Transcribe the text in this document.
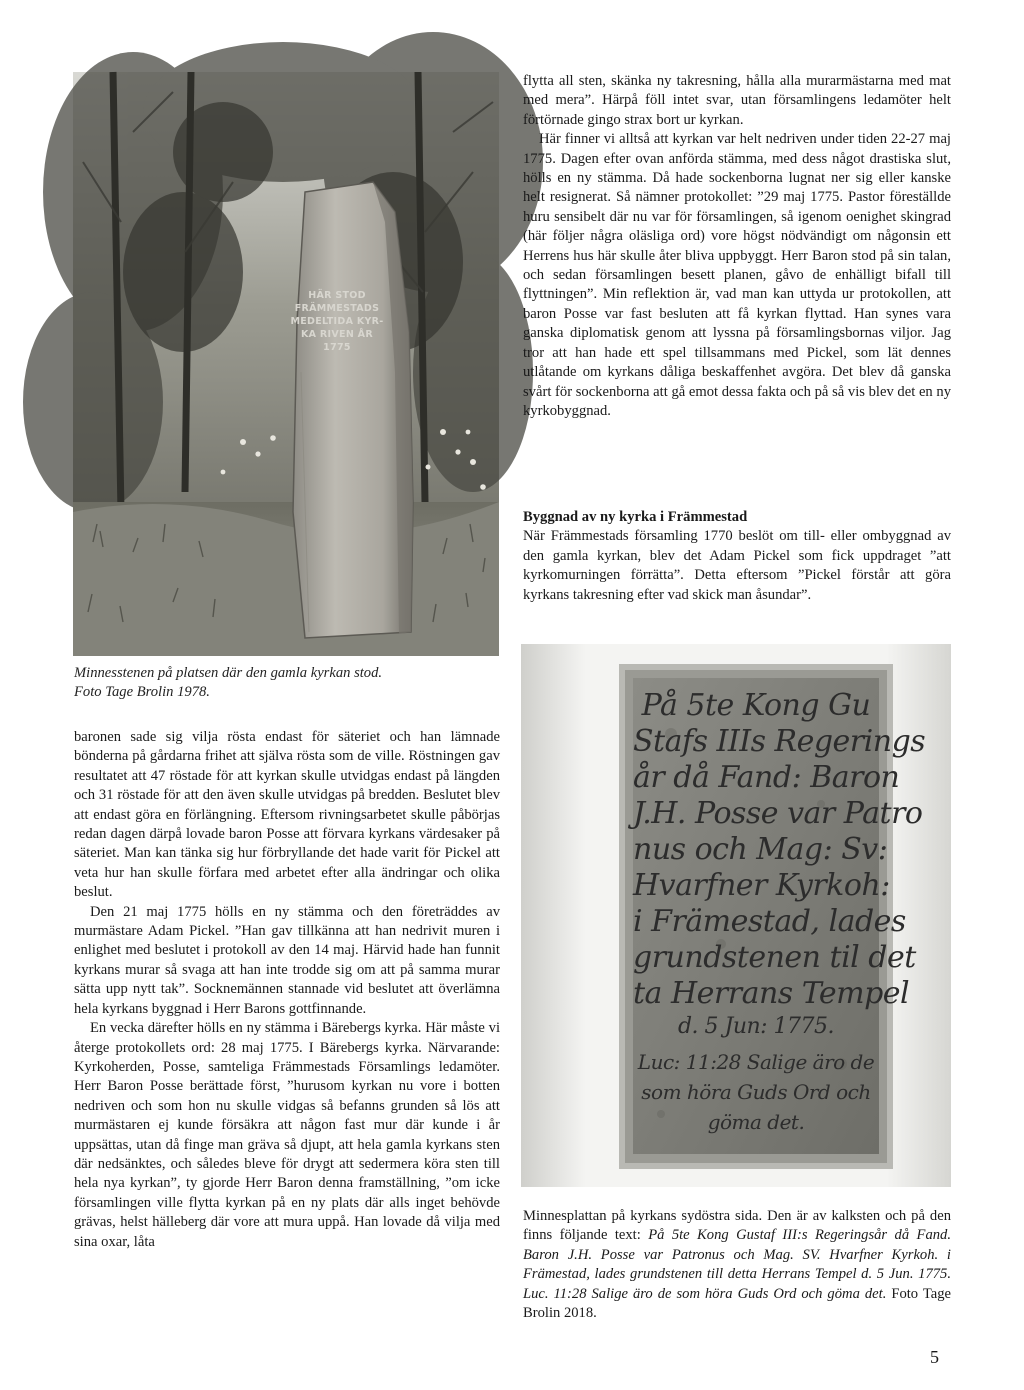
HÄR STOD
FRÄMMESTADS
MEDELTIDA KYR-
KA RIVEN ÅR
1775
Minnesstenen på platsen där den gamla kyrkan stod.
Foto Tage Brolin 1978.

baronen sade sig vilja rösta endast för säteriet och han lämnade bönderna på gårdarna frihet att själva rösta som de ville. Röstningen gav resultatet att 47 röstade för att kyrkan skulle utvidgas endast på längden och 31 röstade för att den även skulle utvidgas på bredden. Beslutet blev att endast göra en förlängning. Eftersom rivningsarbetet skulle påbörjas redan dagen därpå lovade baron Posse att förvara kyrkans värdesaker på säteriet. Man kan tänka sig hur förbryllande det hade varit för Pickel att veta hur han skulle förfara med arbetet efter alla ändringar och olika beslut.

Den 21 maj 1775 hölls en ny stämma och den företräddes av murmästare Adam Pickel. ”Han gav tillkänna att han nedrivit muren i enlighet med beslutet i protokoll av den 14 maj. Härvid hade han funnit kyrkans murar så svaga att han inte trodde sig om att på samma murar sätta upp nytt tak”. Socknemännen stannade vid beslutet att överlämna hela kyrkans byggnad i Herr Barons gottfinnande.

En vecka därefter hölls en ny stämma i Bärebergs kyrka. Här måste vi återge protokollets ord: 28 maj 1775. I Bärebergs kyrka. Närvarande: Kyrkoherden, Posse, samteliga Främmestads Församlings ledamöter. Herr Baron Posse berättade först, ”hurusom kyrkan nu vore i botten nedriven och som hon nu skulle vidgas så befanns grunden så lös att murmästaren ej kunde försäkra att någon fast mur där kunde i år uppsättas, utan då finge man gräva så djupt, att hela gamla kyrkans sten där nedsänktes, och således bleve för drygt att sedermera köra sten till hela nya kyrkan”, ty gjorde Herr Baron denna framställning, ”om icke församlingen ville flytta kyrkan på en ny plats där alls inget behövde grävas, helst hälleberg där vore att mura uppå. Han lovade då vilja med sina oxar, låta

flytta all sten, skänka ny takresning, hålla alla murarmästarna med mat med mera”. Härpå föll intet svar, utan församlingens ledamöter helt förtörnade gingo strax bort ur kyrkan.

Här finner vi alltså att kyrkan var helt nedriven under tiden 22-27 maj 1775. Dagen efter ovan anförda stämma, med dess något drastiska slut, hölls en ny stämma. Då hade sockenborna lugnat ner sig eller kanske helt resignerat. Så nämner protokollet: ”29 maj 1775. Pastor föreställde huru sensibelt där nu var för församlingen, så igenom oenighet skingrad (här följer några oläsliga ord) vore högst nödvändigt om någonsin ett Herrens hus här skulle åter bliva uppbyggt. Herr Baron stod på sin talan, och sedan församlingen besett planen, gåvo de enhälligt bifall till flyttningen”. Min reflektion är, vad man kan uttyda ur protokollen, att baron Posse var fast besluten att få kyrkan flyttad. Han synes vara ganska diplomatisk genom att lyssna på församlingsbornas viljor. Jag tror att han hade ett spel tillsammans med Pickel, som lät dennes utlåtande om kyrkans dåliga beskaffenhet avgöra. Det blev då ganska svårt för sockenborna att gå emot dessa fakta och på så vis blev det en ny kyrkobyggnad.

Byggnad av ny kyrka i Främmestad

När Främmestads församling 1770 beslöt om till- eller ombyggnad av den gamla kyrkan, blev det Adam Pickel som fick uppdraget ”att kyrkomurningen förrätta”. Detta eftersom ”Pickel förstår att göra kyrkans takresning efter vad skick man åsundar”.

På 5te Kong Gu
Stafs IIIs Regerings
år då Fand: Baron
J.H. Posse var Patro
nus och Mag: Sv:
Hvarfner Kyrkoh:
i Främestad, lades
grundstenen til det
ta Herrans Tempel
d. 5 Jun: 1775.
Luc: 11:28 Salige äro de
som höra Guds Ord och
göma det.
Minnesplattan på kyrkans sydöstra sida. Den är av kalksten och på den finns följande text: På 5te Kong Gustaf III:s Regeringsår då Fand. Baron J.H. Posse var Patronus och Mag. SV. Hvarfner Kyrkoh. i Främestad, lades grundstenen till detta Herrans Tempel d. 5 Jun. 1775. Luc. 11:28 Salige äro de som höra Guds Ord och göma det. Foto Tage Brolin 2018.
5
